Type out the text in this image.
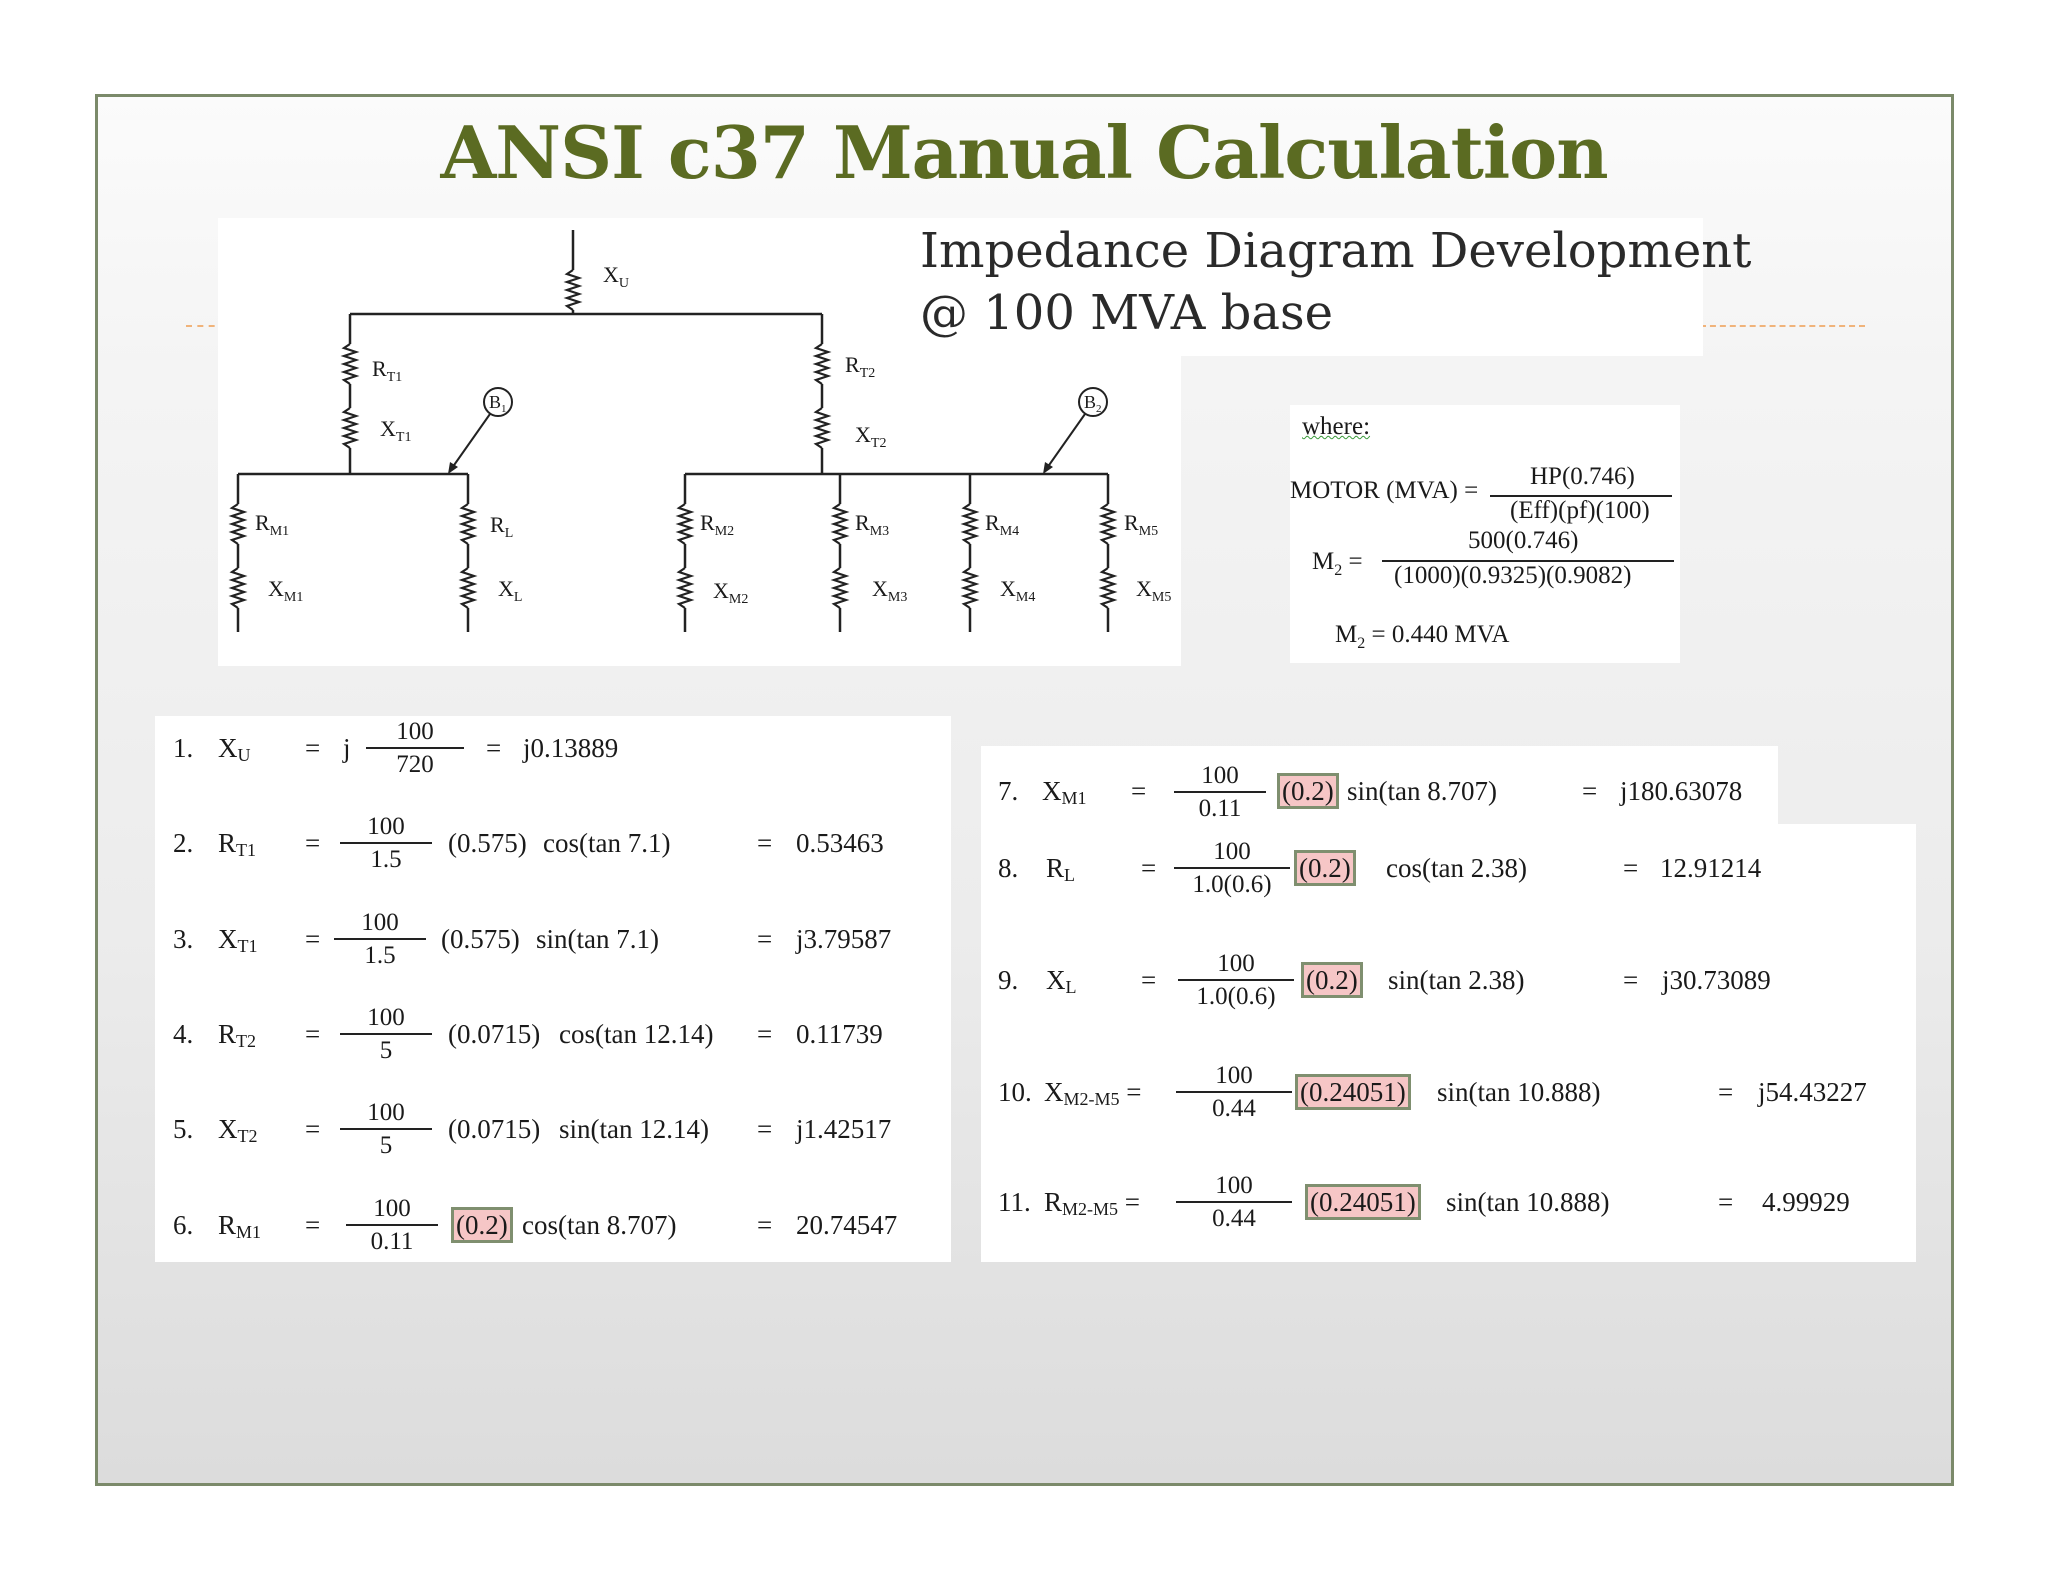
ANSI c37 Manual Calculation
Impedance Diagram Development
@ 100 MVA base
$X_U$
$R_{T1}$
$X_{T1}$
$R_{T2}$
$X_{T2}$
$B_1$	$B_2$
$R_{M1}$
$X_{M1}$
$R_L$
$X_L$
$R_{M2}$
$X_{M2}$
$R_{M3}$
$X_{M3}$
$R_{M4}$
$X_{M4}$
$R_{M5}$
$X_{M5}$
where:
MOTOR (MVA) =
HP(0.746)
(Eff)(pf)(100)
$M_2$ =
500(0.746)
(1000)(0.9325)(0.9082)
$M_2 = 0.440$ MVA
1. $X_U = j$
100
720
= j0.13889
2. $R_{T1}$ =
100
1.5
(0.575) cos(tan 7.1)	= 0.53463
3. $X_{T1}$ =
100
1.5
(0.575) sin(tan 7.1)	= j3.79587
4. $R_{T2}$ =
100
5
(0.0715) cos(tan 12.14) = 0.11739
5. $X_{T2}$ =
100
5
(0.0715) sin(tan 12.14) = j1.42517
6. $R_{M1}$ =
100
0.11
(0.2) cos(tan 8.707)	= 20.74547
7. $X_{M1}$ =
100
0.11
(0.2) sin(tan 8.707)	= j180.63078
8. $R_L$ =
100
1.0(0.6)
(0.2) cos(tan 2.38)	= 12.91214
9. $X_L$ =
100
1.0(0.6)
(0.2) sin(tan 2.38)	= j30.73089
10. $X_{M2-M5}$ =
100
0.44
(0.24051) sin(tan 10.888)	= j54.43227
11. $R_{M2-M5}$ =
100
0.44
(0.24051) sin(tan 10.888)	= 4.99929
